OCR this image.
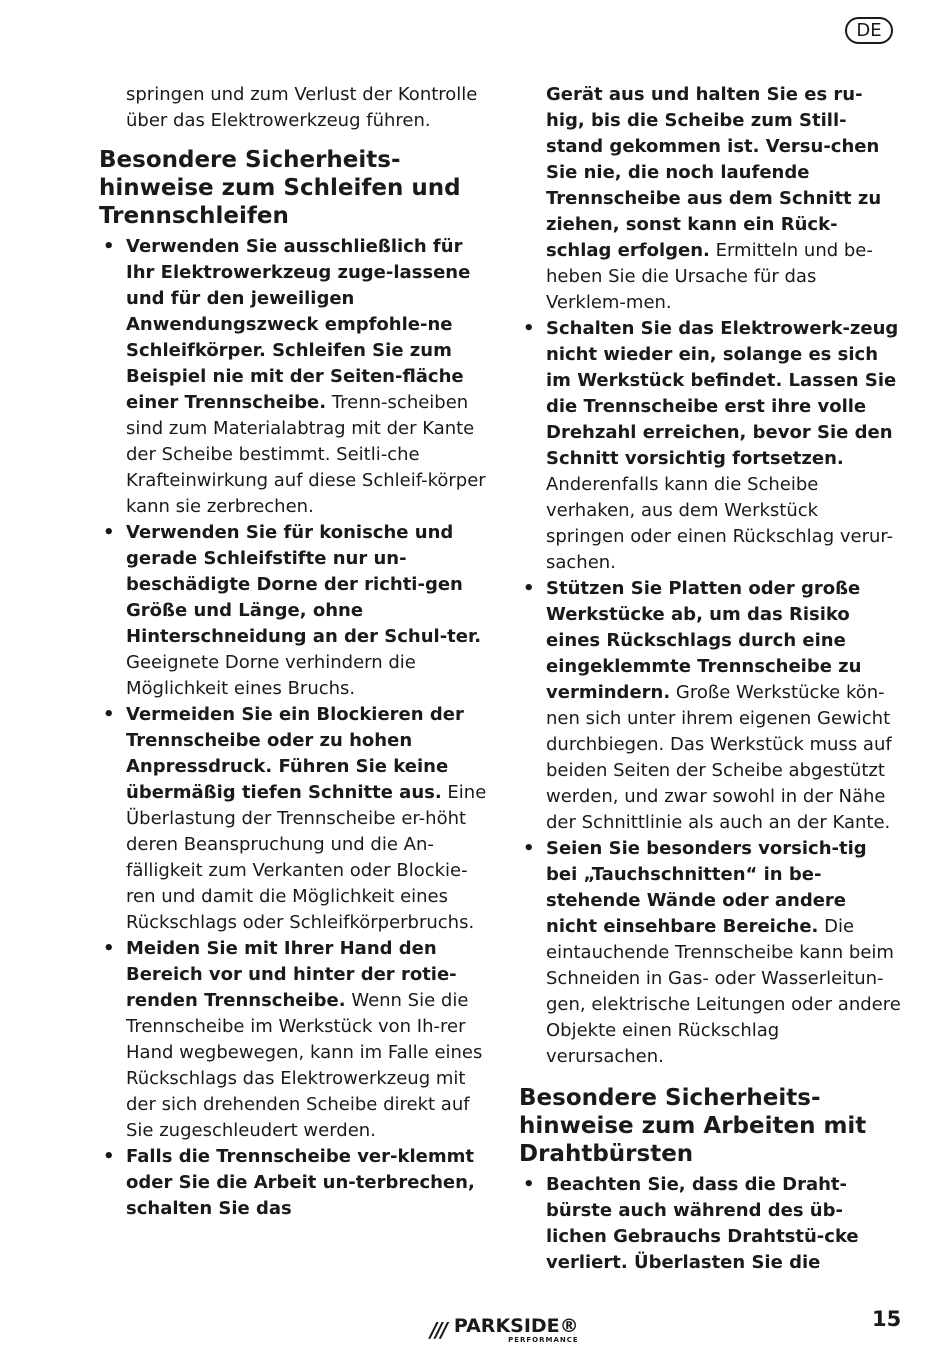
DE

springen und zum Verlust der Kontrolle über das Elektrowerkzeug führen.

Besondere Sicherheits-hinweise zum Schleifen und Trennschleifen
• Verwenden Sie ausschließlich für Ihr Elektrowerkzeug zuge-lassene und für den jeweiligen Anwendungszweck empfohle-ne Schleifkörper. Schleifen Sie zum Beispiel nie mit der Seiten-fläche einer Trennscheibe. Trenn-scheiben sind zum Materialabtrag mit der Kante der Scheibe bestimmt. Seitli-che Krafteinwirkung auf diese Schleif-körper kann sie zerbrechen.
• Verwenden Sie für konische und gerade Schleifstifte nur un-beschädigte Dorne der richti-gen Größe und Länge, ohne Hinterschneidung an der Schul-ter. Geeignete Dorne verhindern die Möglichkeit eines Bruchs.
• Vermeiden Sie ein Blockieren der Trennscheibe oder zu hohen Anpressdruck. Führen Sie keine übermäßig tiefen Schnitte aus. Eine Überlastung der Trennscheibe er-höht deren Beanspruchung und die An-fälligkeit zum Verkanten oder Blockie-ren und damit die Möglichkeit eines Rückschlags oder Schleifkörperbruchs.
• Meiden Sie mit Ihrer Hand den Bereich vor und hinter der rotie-renden Trennscheibe. Wenn Sie die Trennscheibe im Werkstück von Ih-rer Hand wegbewegen, kann im Falle eines Rückschlags das Elektrowerkzeug mit der sich drehenden Scheibe direkt auf Sie zugeschleudert werden.
• Falls die Trennscheibe ver-klemmt oder Sie die Arbeit un-terbrechen, schalten Sie das

Gerät aus und halten Sie es ru-hig, bis die Scheibe zum Still-stand gekommen ist. Versu-chen Sie nie, die noch laufende Trennscheibe aus dem Schnitt zu ziehen, sonst kann ein Rück-schlag erfolgen. Ermitteln und be-heben Sie die Ursache für das Verklem-men.

• Schalten Sie das Elektrowerk-zeug nicht wieder ein, solange es sich im Werkstück befindet. Lassen Sie die Trennscheibe erst ihre volle Drehzahl erreichen, bevor Sie den Schnitt vorsichtig fortsetzen. Anderenfalls kann die Scheibe verhaken, aus dem Werkstück springen oder einen Rückschlag verur-sachen.
• Stützen Sie Platten oder große Werkstücke ab, um das Risiko eines Rückschlags durch eine eingeklemmte Trennscheibe zu vermindern. Große Werkstücke kön-nen sich unter ihrem eigenen Gewicht durchbiegen. Das Werkstück muss auf beiden Seiten der Scheibe abgestützt werden, und zwar sowohl in der Nähe der Schnittlinie als auch an der Kante.
• Seien Sie besonders vorsich-tig bei „Tauchschnitten“ in be-stehende Wände oder andere nicht einsehbare Bereiche. Die eintauchende Trennscheibe kann beim Schneiden in Gas- oder Wasserleitun-gen, elektrische Leitungen oder andere Objekte einen Rückschlag verursachen.
Besondere Sicherheits-hinweise zum Arbeiten mit Drahtbürsten
• Beachten Sie, dass die Draht-bürste auch während des üb-lichen Gebrauchs Drahtstü-cke verliert. Überlasten Sie die
/// PARKSIDE®
PERFORMANCE
15
